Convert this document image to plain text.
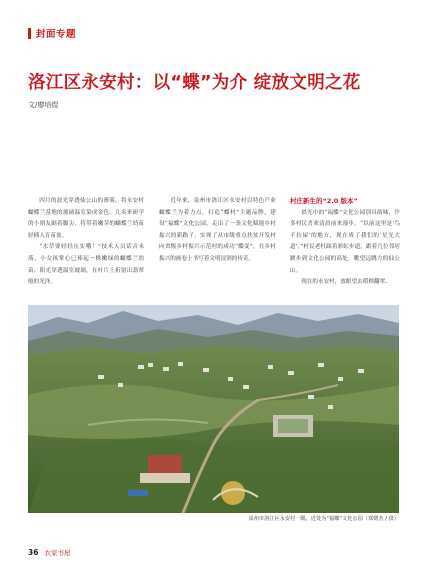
封面专题
洛江区永安村：以“蝶”为介 绽放文明之花
文/廖培煜

四月的晨光穿透仙公山的薄雾，将永安村蝴蝶兰基地的玻璃温室染成金色。儿名来研学的小朋友踮着脚尖，将带着嫩芽的蝴蝶兰幼苗轻插入育苗盆。

“水草要轻轻压实哦！”技术人员话音未落，小女孩掌心已捧起一株嫩绿的蝴蝶兰幼苗，阳光穿透温室玻璃，在叶片上折射出翡翠般的光泽。

近年来，泉州市洛江区永安村以特色产业蝴蝶兰为着力点，打造“蝶村”主题品牌，建设“福蝶”文化公园，走出了一条文化赋能乡村振兴的新路子，实现了从市级重点扶贫开发村向省级乡村振兴示范村的成功“蝶变”，在乡村振兴的画卷上书写着文明浸润的传奇。

村庄新生的“2.0 版本”

晨光中的“福蝶”文化公园别具韵味，许多村民喜欢清晨前来漫步。“以前这里是‘鸟不拉屎’的地方，现在成了我们的‘星光大道’。”村民老杜踩着彩虹步道，跟着几位邻居踱步到文化公园的高处，眺望远眺方的仙公山。

现在的永安村，放眼望去稻秧翻翠、

泉州市洛江区永安村一隅，近处为“福蝶”文化公园（郑熠杰 / 摄）
36 农家书屋
